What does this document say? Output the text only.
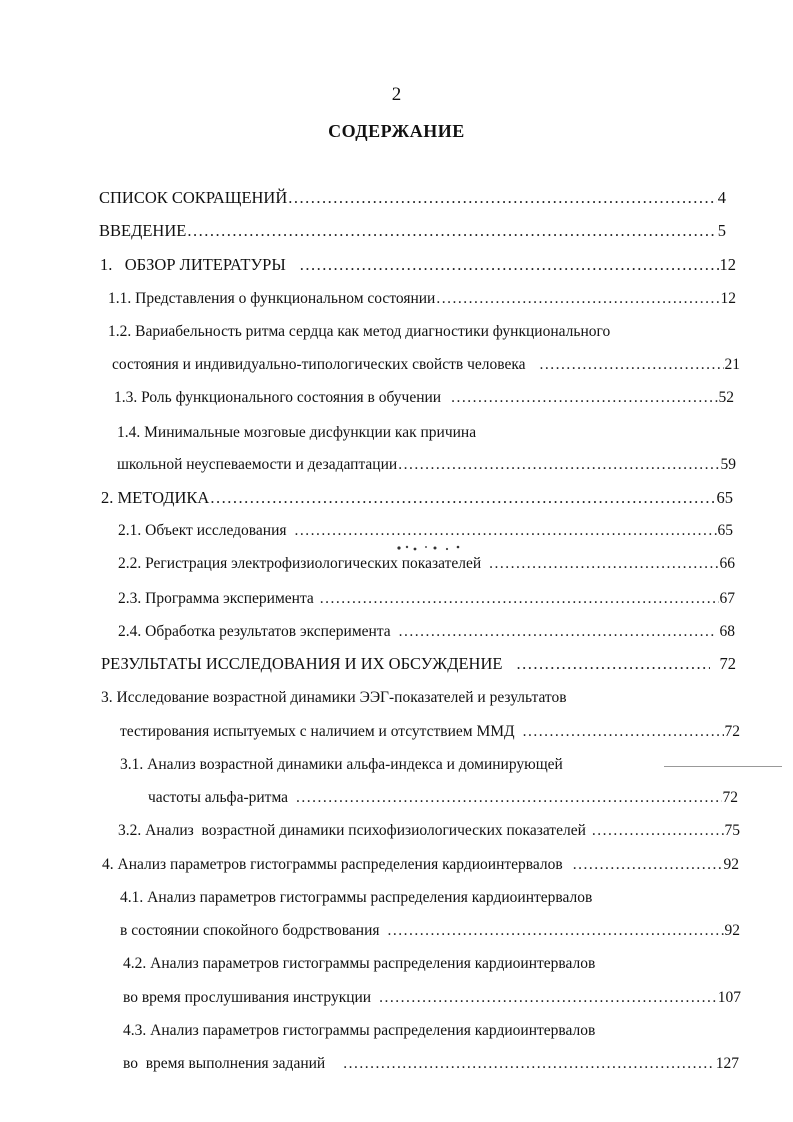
2
СОДЕРЖАНИЕ
СПИСОК СОКРАЩЕНИЙ .....	4
ВВЕДЕНИЕ .....	5
1.   ОБЗОР ЛИТЕРАТУРЫ .....	12
1.1. Представления о функциональном состоянии .....	12
1.2. Вариабельность ритма сердца как метод диагностики функционального
состояния и индивидуально-типологических свойств человека .....	21
1.3. Роль функционального состояния в обучении .....	52
1.4. Минимальные мозговые дисфункции как причина
школьной неуспеваемости и дезадаптации .....	59
2. МЕТОДИКА .....	65
2.1. Объект исследования .....	65
2.2. Регистрация электрофизиологических показателей .....	66
2.3. Программа эксперимента .....	67
2.4. Обработка результатов эксперимента .....	68
РЕЗУЛЬТАТЫ ИССЛЕДОВАНИЯ И ИХ ОБСУЖДЕНИЕ .....	72
3. Исследование возрастной динамики ЭЭГ-показателей и результатов
тестирования испытуемых с наличием и отсутствием ММД .....	72
3.1. Анализ возрастной динамики альфа-индекса и доминирующей
частоты альфа-ритма .....	72
3.2. Анализ  возрастной динамики психофизиологических показателей .....	75
4. Анализ параметров гистограммы распределения кардиоинтервалов .....	92
4.1. Анализ параметров гистограммы распределения кардиоинтервалов
в состоянии спокойного бодрствования .....	92
4.2. Анализ параметров гистограммы распределения кардиоинтервалов
во время прослушивания инструкции .....	107
4.3. Анализ параметров гистограммы распределения кардиоинтервалов
во  время выполнения заданий .....	127
